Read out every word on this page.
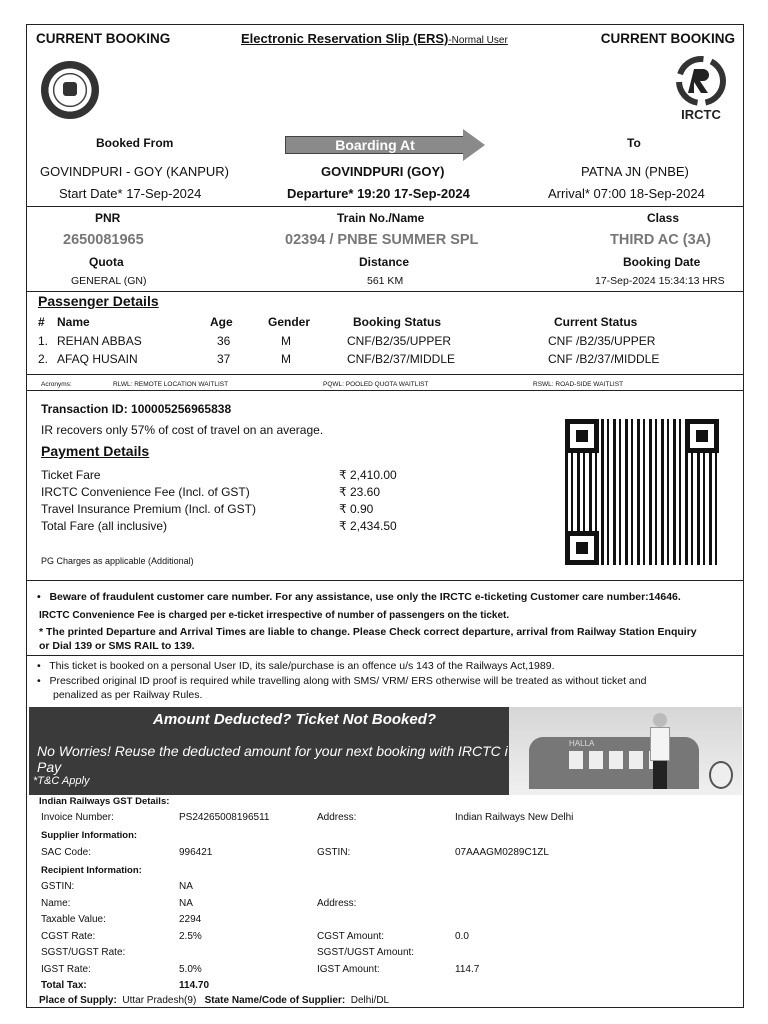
CURRENT BOOKING	Electronic Reservation Slip (ERS)-Normal User	CURRENT BOOKING
IRCTC
Booked From	Boarding At	To
GOVINDPURI - GOY (KANPUR)	GOVINDPURI (GOY)	PATNA JN (PNBE)
Start Date* 17-Sep-2024	Departure* 19:20 17-Sep-2024	Arrival* 07:00 18-Sep-2024
PNR	Train No./Name	Class
2650081965	02394 / PNBE SUMMER SPL	THIRD AC (3A)
Quota	Distance	Booking Date
GENERAL (GN)	561 KM	17-Sep-2024 15:34:13 HRS
Passenger Details
# Name	Age	Gender	Booking Status	Current Status
1. REHAN ABBAS	36	M	CNF/B2/35/UPPER	CNF /B2/35/UPPER
2. AFAQ HUSAIN	37	M	CNF/B2/37/MIDDLE	CNF /B2/37/MIDDLE
Acronyms:	RLWL: REMOTE LOCATION WAITLIST	PQWL: POOLED QUOTA WAITLIST	RSWL: ROAD-SIDE WAITLIST
Transaction ID: 100005256965838
IR recovers only 57% of cost of travel on an average.
Payment Details
Ticket Fare	₹ 2,410.00
IRCTC Convenience Fee (Incl. of GST)	₹ 23.60
Travel Insurance Premium (Incl. of GST)	₹ 0.90
Total Fare (all inclusive)	₹ 2,434.50
PG Charges as applicable (Additional)
•   Beware of fraudulent customer care number. For any assistance, use only the IRCTC e-ticketing Customer care number:14646.
IRCTC Convenience Fee is charged per e-ticket irrespective of number of passengers on the ticket.
* The printed Departure and Arrival Times are liable to change. Please Check correct departure, arrival from Railway Station Enquiry
or Dial 139 or SMS RAIL to 139.
•   This ticket is booked on a personal User ID, its sale/purchase is an offence u/s 143 of the Railways Act,1989.
•   Prescribed original ID proof is required while travelling along with SMS/ VRM/ ERS otherwise will be treated as without ticket and
penalized as per Railway Rules.
HALLA
Amount Deducted? Ticket Not Booked?
No Worries! Reuse the deducted amount for your next booking with IRCTC i Pay
*T&C Apply
Indian Railways GST Details:
Invoice Number:	PS24265008196511	Address:	Indian Railways New Delhi
Supplier Information:
SAC Code:	996421	GSTIN:	07AAAGM0289C1ZL
Recipient Information:
GSTIN:	NA
Name:	NA	Address:
Taxable Value:	2294
CGST Rate:	2.5%	CGST Amount:	0.0
SGST/UGST Rate:	SGST/UGST Amount:
IGST Rate:	5.0%	IGST Amount:	114.7
Total Tax:	114.70
Place of Supply: Uttar Pradesh(9) State Name/Code of Supplier: Delhi/DL
